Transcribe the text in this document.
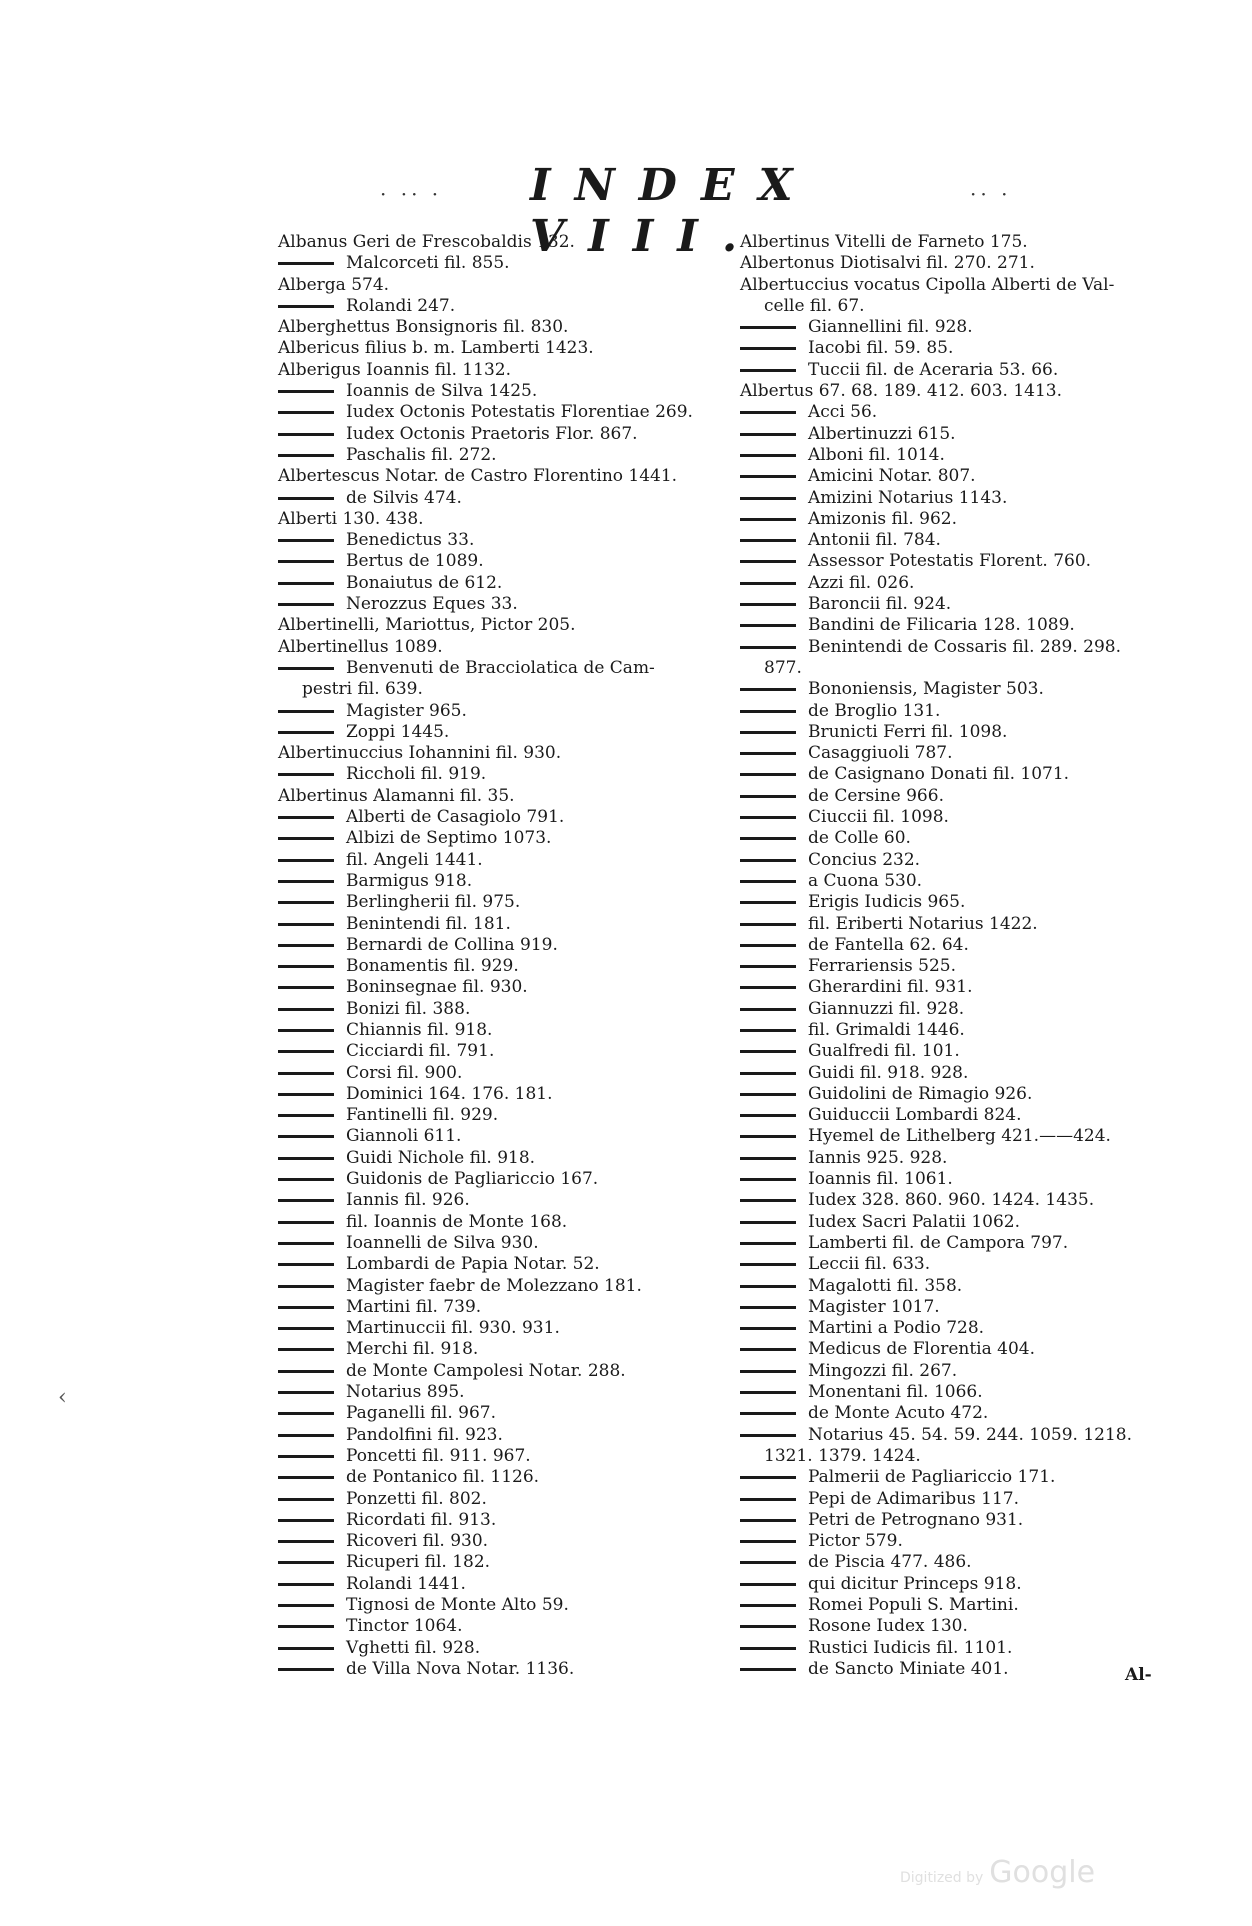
· ·· · INDEX VIII.
·· ·
Albanus Geri de Frescobaldis 132.
Malcorceti fil. 855.
Alberga 574.
Rolandi 247.
Alberghettus Bonsignoris fil. 830.
Albericus filius b. m. Lamberti 1423.
Alberigus Ioannis fil. 1132.
Ioannis de Silva 1425.
Iudex Octonis Potestatis Florentiae 269.
Iudex Octonis Praetoris Flor. 867.
Paschalis fil. 272.
Albertescus Notar. de Castro Florentino 1441.
de Silvis 474.
Alberti 130. 438.
Benedictus 33.
Bertus de 1089.
Bonaiutus de 612.
Nerozzus Eques 33.
Albertinelli, Mariottus, Pictor 205.
Albertinellus 1089.
Benvenuti de Bracciolatica de Cam-
pestri fil. 639.
Magister 965.
Zoppi 1445.
Albertinuccius Iohannini fil. 930.
Riccholi fil. 919.
Albertinus Alamanni fil. 35.
Alberti de Casagiolo 791.
Albizi de Septimo 1073.
fil. Angeli 1441.
Barmigus 918.
Berlingherii fil. 975.
Benintendi fil. 181.
Bernardi de Collina 919.
Bonamentis fil. 929.
Boninsegnae fil. 930.
Bonizi fil. 388.
Chiannis fil. 918.
Cicciardi fil. 791.
Corsi fil. 900.
Dominici 164. 176. 181.
Fantinelli fil. 929.
Giannoli 611.
Guidi Nichole fil. 918.
Guidonis de Pagliariccio 167.
Iannis fil. 926.
fil. Ioannis de Monte 168.
Ioannelli de Silva 930.
Lombardi de Papia Notar. 52.
Magister faebr de Molezzano 181.
Martini fil. 739.
Martinuccii fil. 930. 931.
Merchi fil. 918.
de Monte Campolesi Notar. 288.
Notarius 895.
Paganelli fil. 967.
Pandolfini fil. 923.
Poncetti fil. 911. 967.
de Pontanico fil. 1126.
Ponzetti fil. 802.
Ricordati fil. 913.
Ricoveri fil. 930.
Ricuperi fil. 182.
Rolandi 1441.
Tignosi de Monte Alto 59.
Tinctor 1064.
Vghetti fil. 928.
de Villa Nova Notar. 1136.
Albertinus Vitelli de Farneto 175.
Albertonus Diotisalvi fil. 270. 271.
Albertuccius vocatus Cipolla Alberti de Val-
celle fil. 67.
Giannellini fil. 928.
Iacobi fil. 59. 85.
Tuccii fil. de Aceraria 53. 66.
Albertus 67. 68. 189. 412. 603. 1413.
Acci 56.
Albertinuzzi 615.
Alboni fil. 1014.
Amicini Notar. 807.
Amizini Notarius 1143.
Amizonis fil. 962.
Antonii fil. 784.
Assessor Potestatis Florent. 760.
Azzi fil. 026.
Baroncii fil. 924.
Bandini de Filicaria 128. 1089.
Benintendi de Cossaris fil. 289. 298.
877.
Bononiensis, Magister 503.
de Broglio 131.
Brunicti Ferri fil. 1098.
Casaggiuoli 787.
de Casignano Donati fil. 1071.
de Cersine 966.
Ciuccii fil. 1098.
de Colle 60.
Concius 232.
a Cuona 530.
Erigis Iudicis 965.
fil. Eriberti Notarius 1422.
de Fantella 62. 64.
Ferrariensis 525.
Gherardini fil. 931.
Giannuzzi fil. 928.
fil. Grimaldi 1446.
Gualfredi fil. 101.
Guidi fil. 918. 928.
Guidolini de Rimagio 926.
Guiduccii Lombardi 824.
Hyemel de Lithelberg 421.——424.
Iannis 925. 928.
Ioannis fil. 1061.
Iudex 328. 860. 960. 1424. 1435.
Iudex Sacri Palatii 1062.
Lamberti fil. de Campora 797.
Leccii fil. 633.
Magalotti fil. 358.
Magister 1017.
Martini a Podio 728.
Medicus de Florentia 404.
Mingozzi fil. 267.
Monentani fil. 1066.
de Monte Acuto 472.
Notarius 45. 54. 59. 244. 1059. 1218.
1321. 1379. 1424.
Palmerii de Pagliariccio 171.
Pepi de Adimaribus 117.
Petri de Petrognano 931.
Pictor 579.
de Piscia 477. 486.
qui dicitur Princeps 918.
Romei Populi S. Martini.
Rosone Iudex 130.
Rustici Iudicis fil. 1101.
de Sancto Miniate 401.
‹
Al-
Digitized by Google
